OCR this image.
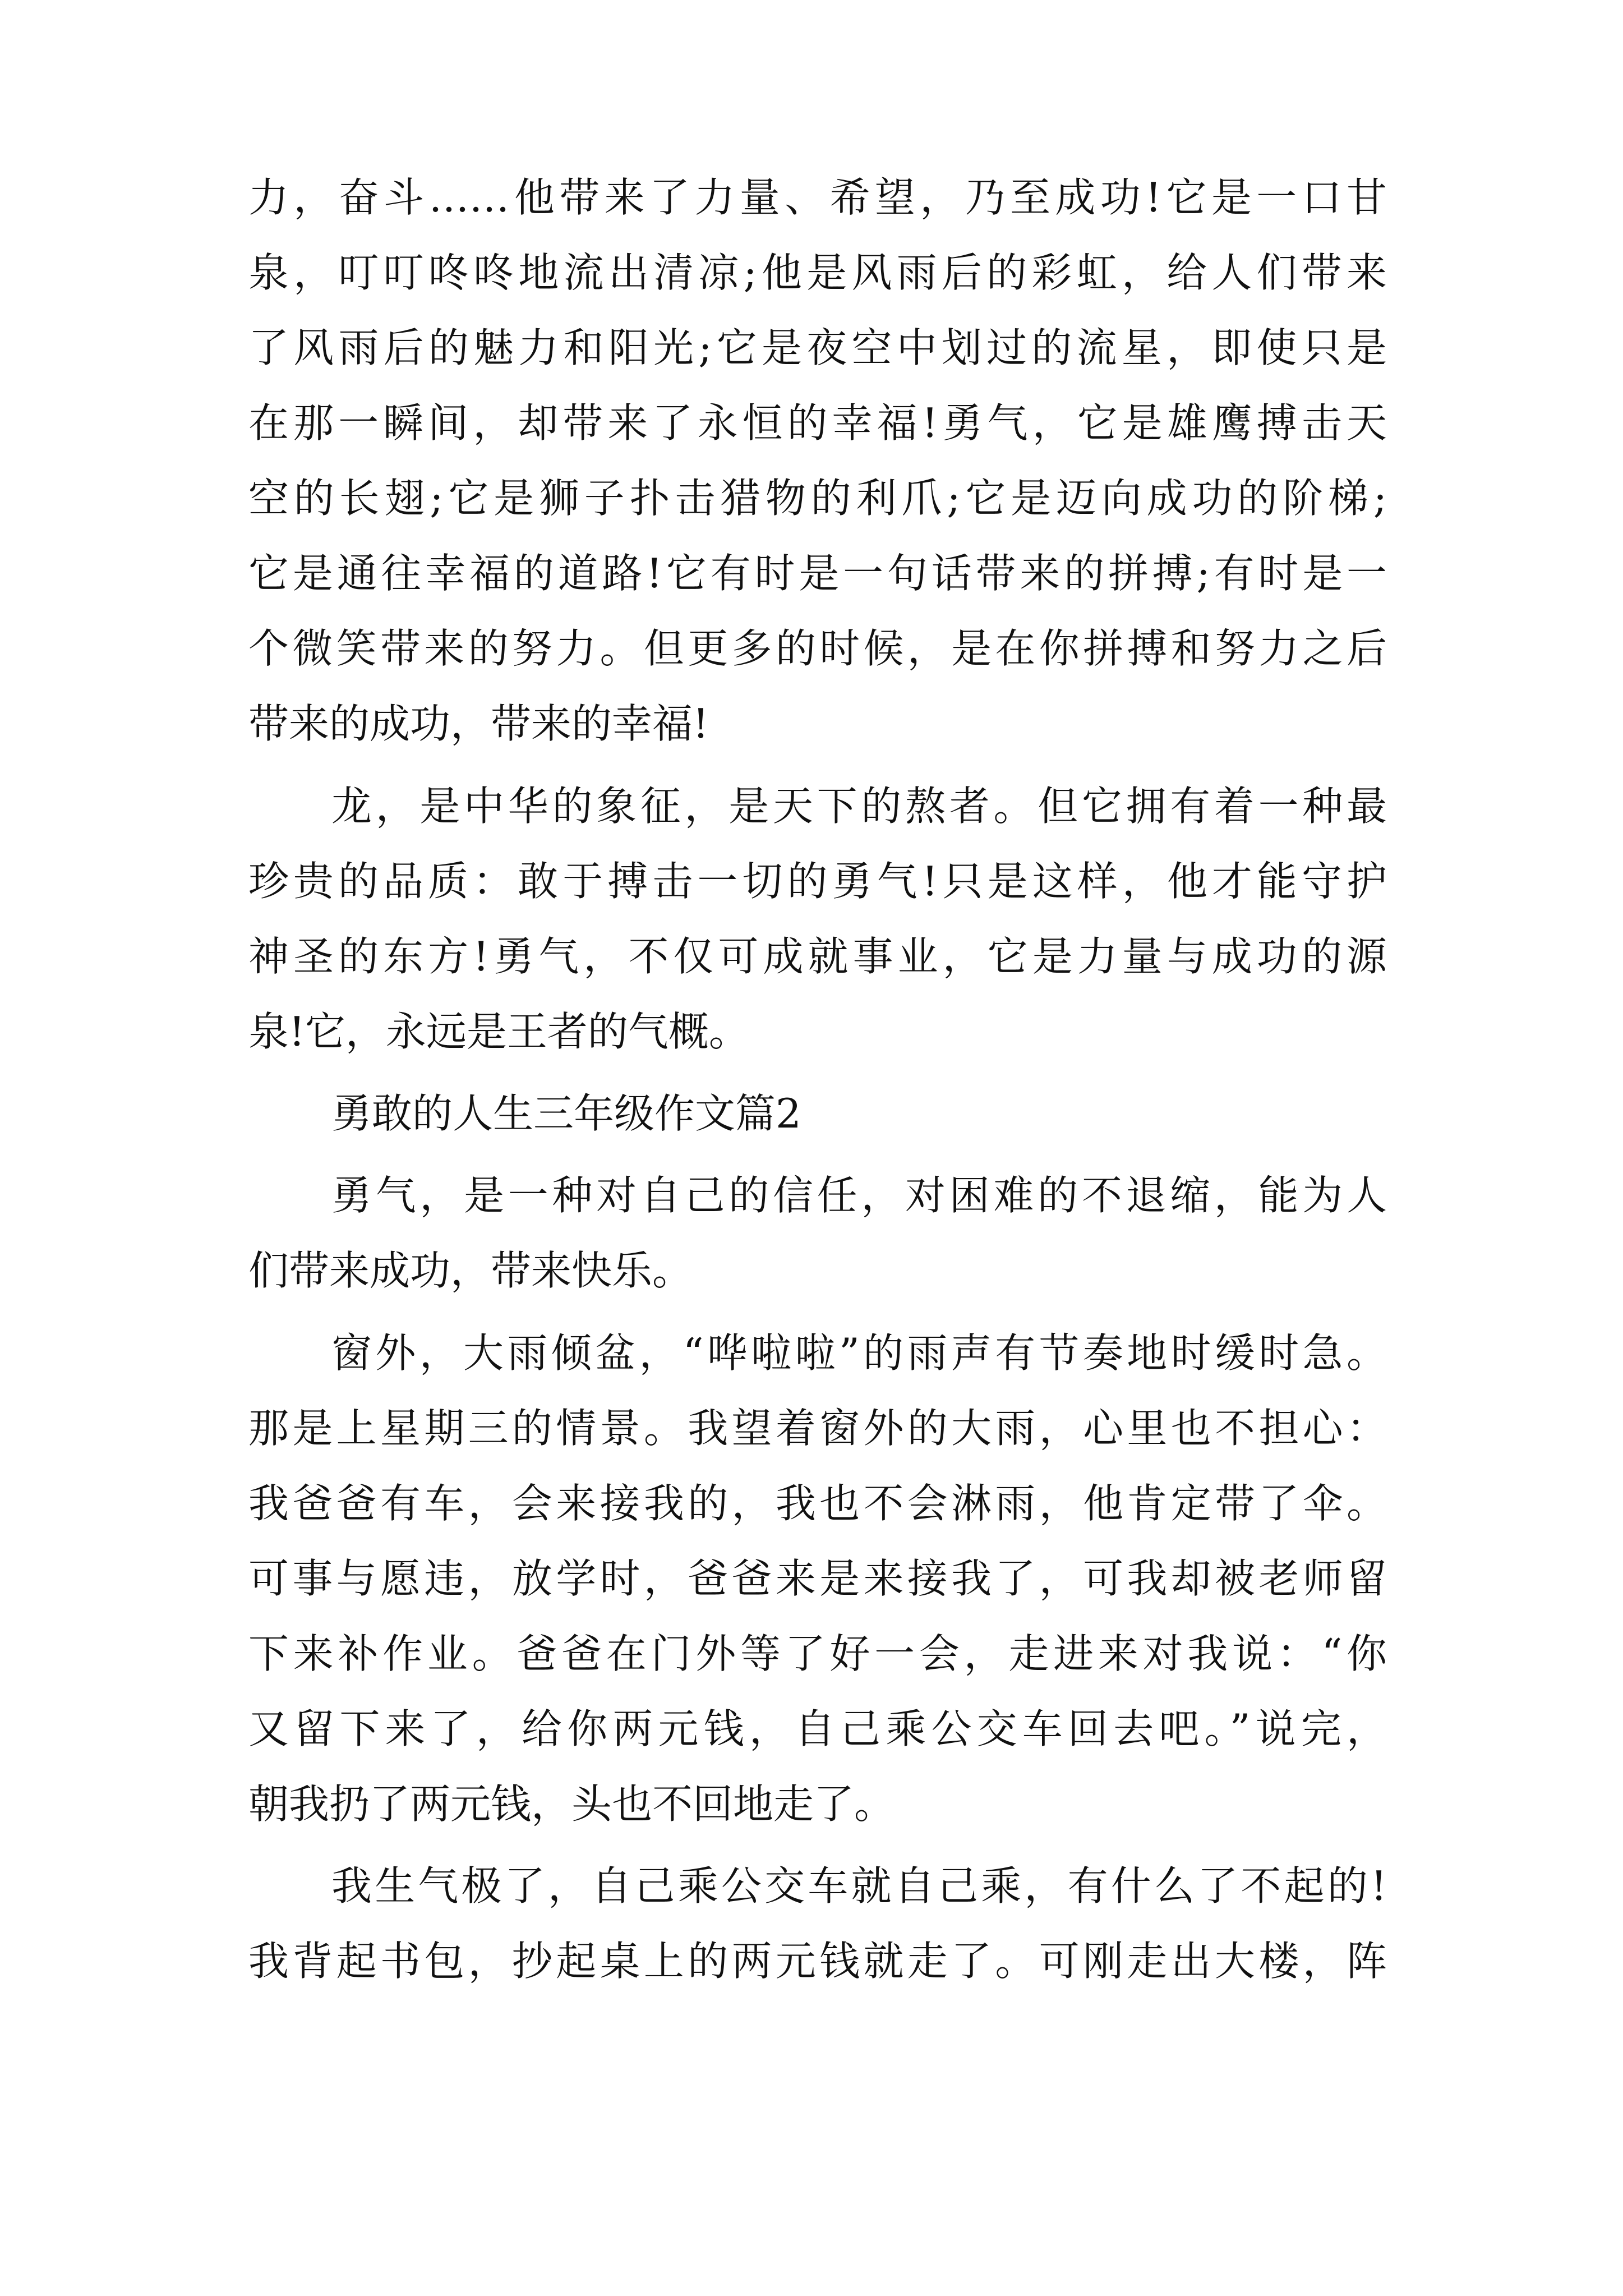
力，奋斗……他带来了力量、希望，乃至成功!它是一口甘
泉，叮叮咚咚地流出清凉;他是风雨后的彩虹，给人们带来
了风雨后的魅力和阳光;它是夜空中划过的流星，即使只是
在那一瞬间，却带来了永恒的幸福!勇气，它是雄鹰搏击天
空的长翅;它是狮子扑击猎物的利爪;它是迈向成功的阶梯;
它是通往幸福的道路!它有时是一句话带来的拼搏;有时是一
个微笑带来的努力。但更多的时候，是在你拼搏和努力之后
带来的成功，带来的幸福!
龙，是中华的象征，是天下的熬者。但它拥有着一种最
珍贵的品质：敢于搏击一切的勇气!只是这样，他才能守护
神圣的东方!勇气，不仅可成就事业，它是力量与成功的源
泉!它，永远是王者的气概。
勇敢的人生三年级作文篇2
勇气，是一种对自己的信任，对困难的不退缩，能为人
们带来成功，带来快乐。
窗外，大雨倾盆，“哗啦啦”的雨声有节奏地时缓时急。
那是上星期三的情景。我望着窗外的大雨，心里也不担心：
我爸爸有车，会来接我的，我也不会淋雨，他肯定带了伞。
可事与愿违，放学时，爸爸来是来接我了，可我却被老师留
下来补作业。爸爸在门外等了好一会，走进来对我说：“你
又留下来了，给你两元钱，自己乘公交车回去吧。”说完，
朝我扔了两元钱，头也不回地走了。
我生气极了，自己乘公交车就自己乘，有什么了不起的!
我背起书包，抄起桌上的两元钱就走了。可刚走出大楼，阵
